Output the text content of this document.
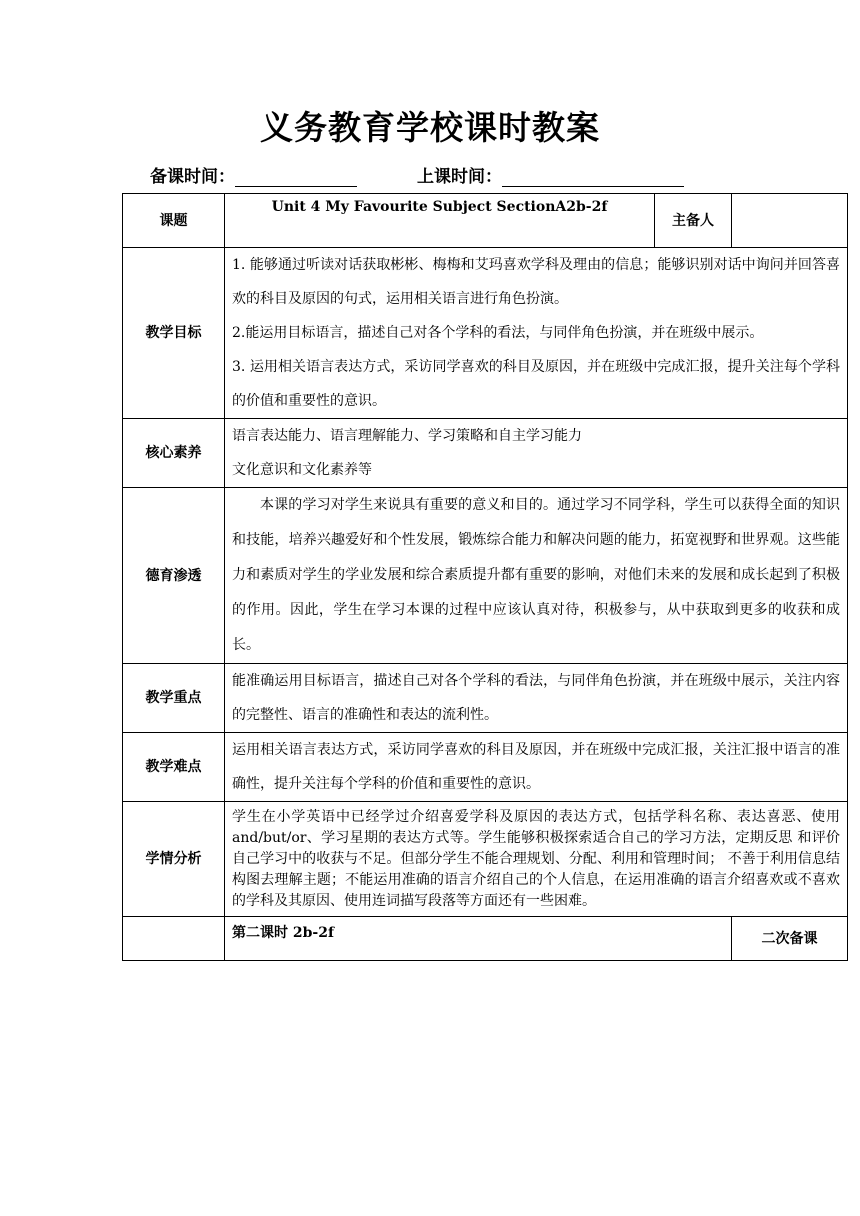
义务教育学校课时教案
备课时间：	上课时间：
课题	Unit 4 My Favourite Subject SectionA2b-2f	主备人	
教学目标	1. 能够通过听读对话获取彬彬、梅梅和艾玛喜欢学科及理由的信息；能够识别对话中询问并回答喜欢的科目及原因的句式，运用相关语言进行角色扮演。

2.能运用目标语言，描述自己对各个学科的看法，与同伴角色扮演，并在班级中展示。

3. 运用相关语言表达方式，采访同学喜欢的科目及原因，并在班级中完成汇报，提升关注每个学科的价值和重要性的意识。		

核心素养	语言表达能力、语言理解能力、学习策略和自主学习能力

文化意识和文化素养等		

德育渗透	本课的学习对学生来说具有重要的意义和目的。通过学习不同学科，学生可以获得全面的知识和技能，培养兴趣爱好和个性发展，锻炼综合能力和解决问题的能力，拓宽视野和世界观。这些能力和素质对学生的学业发展和综合素质提升都有重要的影响，对他们未来的发展和成长起到了积极的作用。因此，学生在学习本课的过程中应该认真对待，积极参与，从中获取到更多的收获和成长。		
教学重点	能准确运用目标语言，描述自己对各个学科的看法，与同伴角色扮演，并在班级中展示，关注内容的完整性、语言的准确性和表达的流利性。		
教学难点	运用相关语言表达方式，采访同学喜欢的科目及原因，并在班级中完成汇报，关注汇报中语言的准确性，提升关注每个学科的价值和重要性的意识。		
学情分析	学生在小学英语中已经学过介绍喜爱学科及原因的表达方式，包括学科名称、表达喜恶、使用 and/but/or、学习星期的表达方式等。学生能够积极探索适合自己的学习方法，定期反思 和评价自己学习中的收获与不足。但部分学生不能合理规划、分配、利用和管理时间； 不善于利用信息结构图去理解主题；不能运用准确的语言介绍自己的个人信息，在运用准确的语言介绍喜欢或不喜欢的学科及其原因、使用连词描写段落等方面还有一些困难。		
	第二课时 2b-2f		二次备课
